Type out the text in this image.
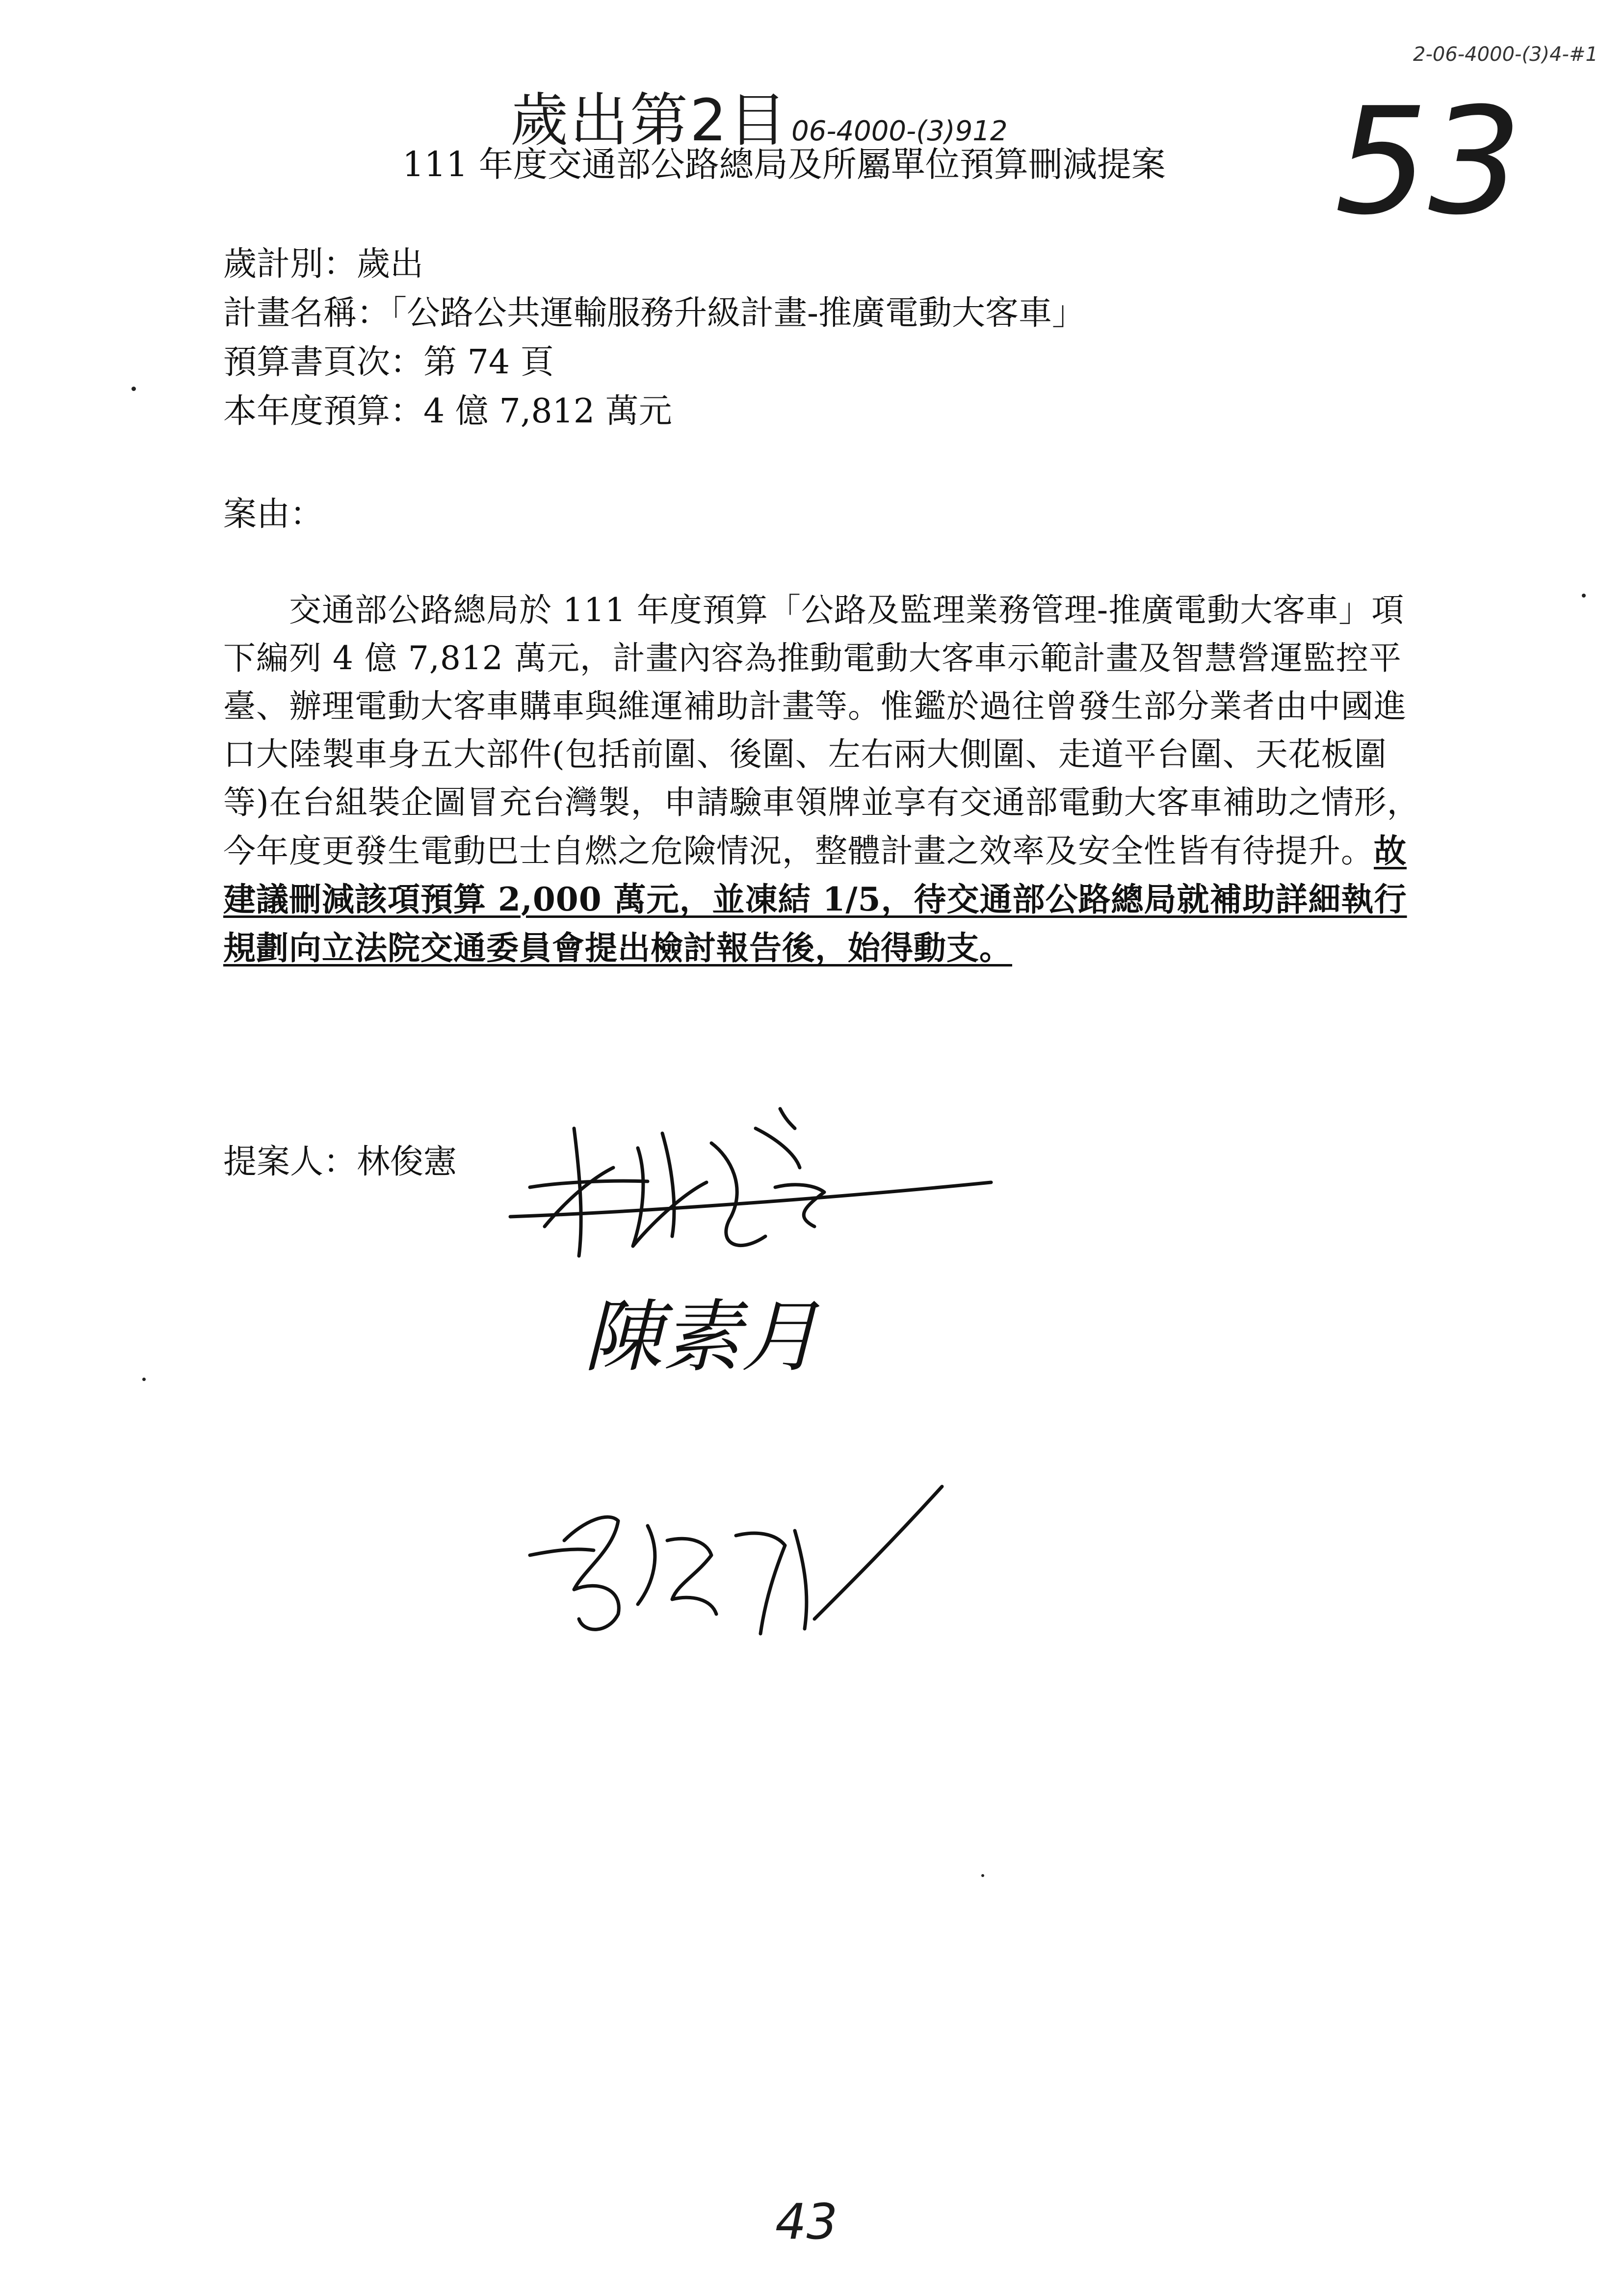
歲出第2目 06-4000-(3)912
2-06-4000-(3)4-#1
53
111 年度交通部公路總局及所屬單位預算刪減提案
歲計別：歲出
計畫名稱：「公路公共運輸服務升級計畫-推廣電動大客車」
預算書頁次：第 74 頁
本年度預算：4 億 7,812 萬元
案由：
　　交通部公路總局於 111 年度預算「公路及監理業務管理-推廣電動大客車」項下編列 4 億 7,812 萬元，計畫內容為推動電動大客車示範計畫及智慧營運監控平臺、辦理電動大客車購車與維運補助計畫等。惟鑑於過往曾發生部分業者由中國進口大陸製車身五大部件(包括前圍、後圍、左右兩大側圍、走道平台圍、天花板圍等)在台組裝企圖冒充台灣製，申請驗車領牌並享有交通部電動大客車補助之情形，今年度更發生電動巴士自燃之危險情況，整體計畫之效率及安全性皆有待提升。故建議刪減該項預算 2,000 萬元，並凍結 1/5，待交通部公路總局就補助詳細執行規劃向立法院交通委員會提出檢討報告後，始得動支。
提案人：林俊憲
陳素月
43
